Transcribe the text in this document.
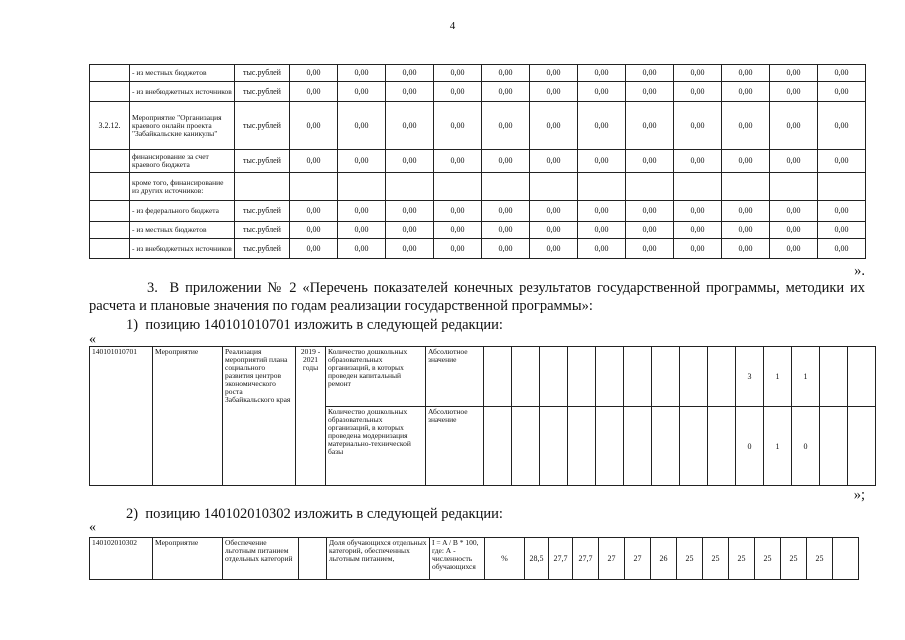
4
	- из местных бюджетов	тыс.рублей	0,00	0,00	0,00	0,00	0,00	0,00	0,00	0,00	0,00	0,00	0,00	0,00
	- из внебюджетных источников	тыс.рублей	0,00	0,00	0,00	0,00	0,00	0,00	0,00	0,00	0,00	0,00	0,00	0,00
3.2.12.	Мероприятие "Организация краевого онлайн проекта "Забайкальские каникулы"	тыс.рублей	0,00	0,00	0,00	0,00	0,00	0,00	0,00	0,00	0,00	0,00	0,00	0,00
	финансирование за счет краевого бюджета	тыс.рублей	0,00	0,00	0,00	0,00	0,00	0,00	0,00	0,00	0,00	0,00	0,00	0,00
	кроме того, финансирование из других источников:													
	- из федерального бюджета	тыс.рублей	0,00	0,00	0,00	0,00	0,00	0,00	0,00	0,00	0,00	0,00	0,00	0,00
	- из местных бюджетов	тыс.рублей	0,00	0,00	0,00	0,00	0,00	0,00	0,00	0,00	0,00	0,00	0,00	0,00
	- из внебюджетных источников	тыс.рублей	0,00	0,00	0,00	0,00	0,00	0,00	0,00	0,00	0,00	0,00	0,00	0,00
».
3.  В приложении № 2 «Перечень показателей конечных результатов государственной программы, методики их расчета и плановые значения по годам реализации государственной программы»:
1)  позицию 140101010701 изложить в следующей редакции:
«
140101010701	Мероприятие	Реализация мероприятий плана социального развития центров экономического роста Забайкальского края	2019 - 2021 годы	Количество дошкольных образовательных организаций, в которых проведен капитальный ремонт	Абсолютное значение										3	1	1		
				Количество дошкольных образовательных организаций, в которых проведена модернизация материально-технической базы	Абсолютное значение										0	1	0		
»;
2)  позицию 140102010302 изложить в следующей редакции:
«
140102010302	Мероприятие	Обеспечение льготным питанием отдельных категорий		Доля обучающихся отдельных категорий, обеспеченных льготным питанием,	I = A / B * 100, где: А - численность обучающихся	%	28,5	27,7	27,7	27	27	26	25	25	25	25	25	25	
